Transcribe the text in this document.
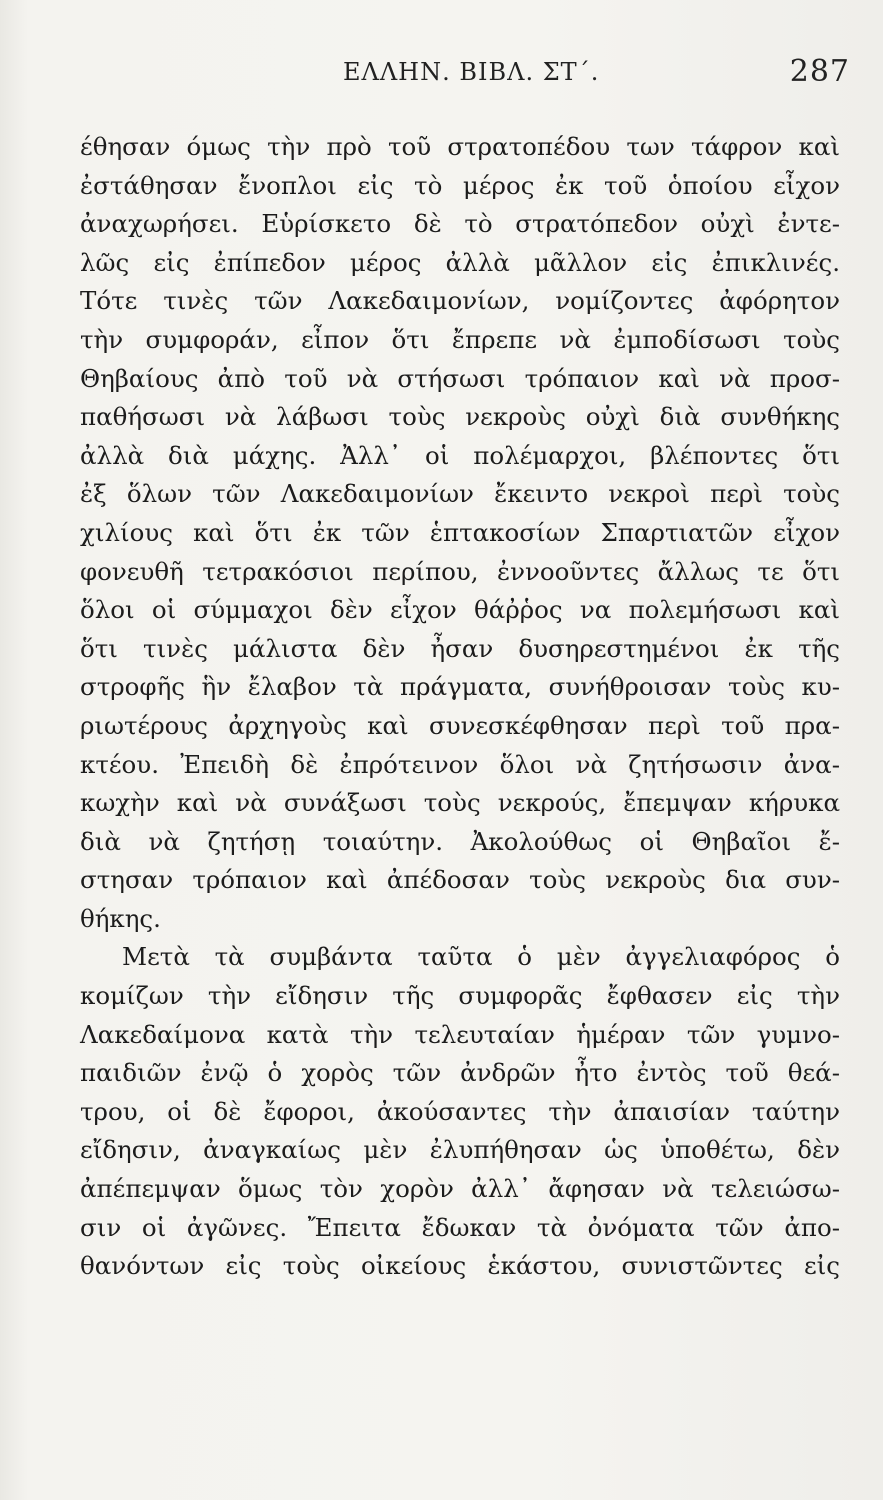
ΕΛΛΗΝ. ΒΙΒΛ. ΣΤ΄.	287
έθησαν όμως τὴν πρὸ τοῦ στρατοπέδου των τάφρον καὶ
ἐστάθησαν ἔνοπλοι εἰς τὸ μέρος ἐκ τοῦ ὁποίου εἶχον
ἀναχωρήσει. Εὑρίσκετο δὲ τὸ στρατόπεδον οὐχὶ ἐντε-
λῶς εἰς ἐπίπεδον μέρος ἀλλὰ μᾶλλον εἰς ἐπικλινές.
Τότε τινὲς τῶν Λακεδαιμονίων, νομίζοντες ἀφόρητον
τὴν συμφοράν, εἶπον ὅτι ἔπρεπε νὰ ἐμποδίσωσι τοὺς
Θηβαίους ἀπὸ τοῦ νὰ στήσωσι τρόπαιον καὶ νὰ προσ-
παθήσωσι νὰ λάβωσι τοὺς νεκροὺς οὐχὶ διὰ συνθήκης
ἀλλὰ διὰ μάχης. Ἀλλ᾽ οἱ πολέμαρχοι, βλέποντες ὅτι
ἐξ ὅλων τῶν Λακεδαιμονίων ἔκειντο νεκροὶ περὶ τοὺς
χιλίους καὶ ὅτι ἐκ τῶν ἑπτακοσίων Σπαρτιατῶν εἶχον
φονευθῆ τετρακόσιοι περίπου, ἐννοοῦντες ἄλλως τε ὅτι
ὅλοι οἱ σύμμαχοι δὲν εἶχον θάῤῥος να πολεμήσωσι καὶ
ὅτι τινὲς μάλιστα δὲν ἦσαν δυσηρεστημένοι ἐκ τῆς
στροφῆς ἣν ἔλαβον τὰ πράγματα, συνήθροισαν τοὺς κυ-
ριωτέρους ἀρχηγοὺς καὶ συνεσκέφθησαν περὶ τοῦ πρα-
κτέου. Ἐπειδὴ δὲ ἐπρότεινον ὅλοι νὰ ζητήσωσιν ἀνα-
κωχὴν καὶ νὰ συνάξωσι τοὺς νεκρούς, ἔπεμψαν κήρυκα
διὰ νὰ ζητήσῃ τοιαύτην. Ἀκολούθως οἱ Θηβαῖοι ἔ-
στησαν τρόπαιον καὶ ἀπέδοσαν τοὺς νεκροὺς δια συν-
θήκης.
Μετὰ τὰ συμβάντα ταῦτα ὁ μὲν ἀγγελιαφόρος ὁ
κομίζων τὴν εἴδησιν τῆς συμφορᾶς ἔφθασεν εἰς τὴν
Λακεδαίμονα κατὰ τὴν τελευταίαν ἡμέραν τῶν γυμνο-
παιδιῶν ἐνῷ ὁ χορὸς τῶν ἀνδρῶν ἦτο ἐντὸς τοῦ θεά-
τρου, οἱ δὲ ἔφοροι, ἀκούσαντες τὴν ἀπαισίαν ταύτην
εἴδησιν, ἀναγκαίως μὲν ἐλυπήθησαν ὡς ὑποθέτω, δὲν
ἀπέπεμψαν ὅμως τὸν χορὸν ἀλλ᾽ ἄφησαν νὰ τελειώσω-
σιν οἱ ἀγῶνες. Ἔπειτα ἔδωκαν τὰ ὀνόματα τῶν ἀπο-
θανόντων εἰς τοὺς οἰκείους ἑκάστου, συνιστῶντες εἰς
